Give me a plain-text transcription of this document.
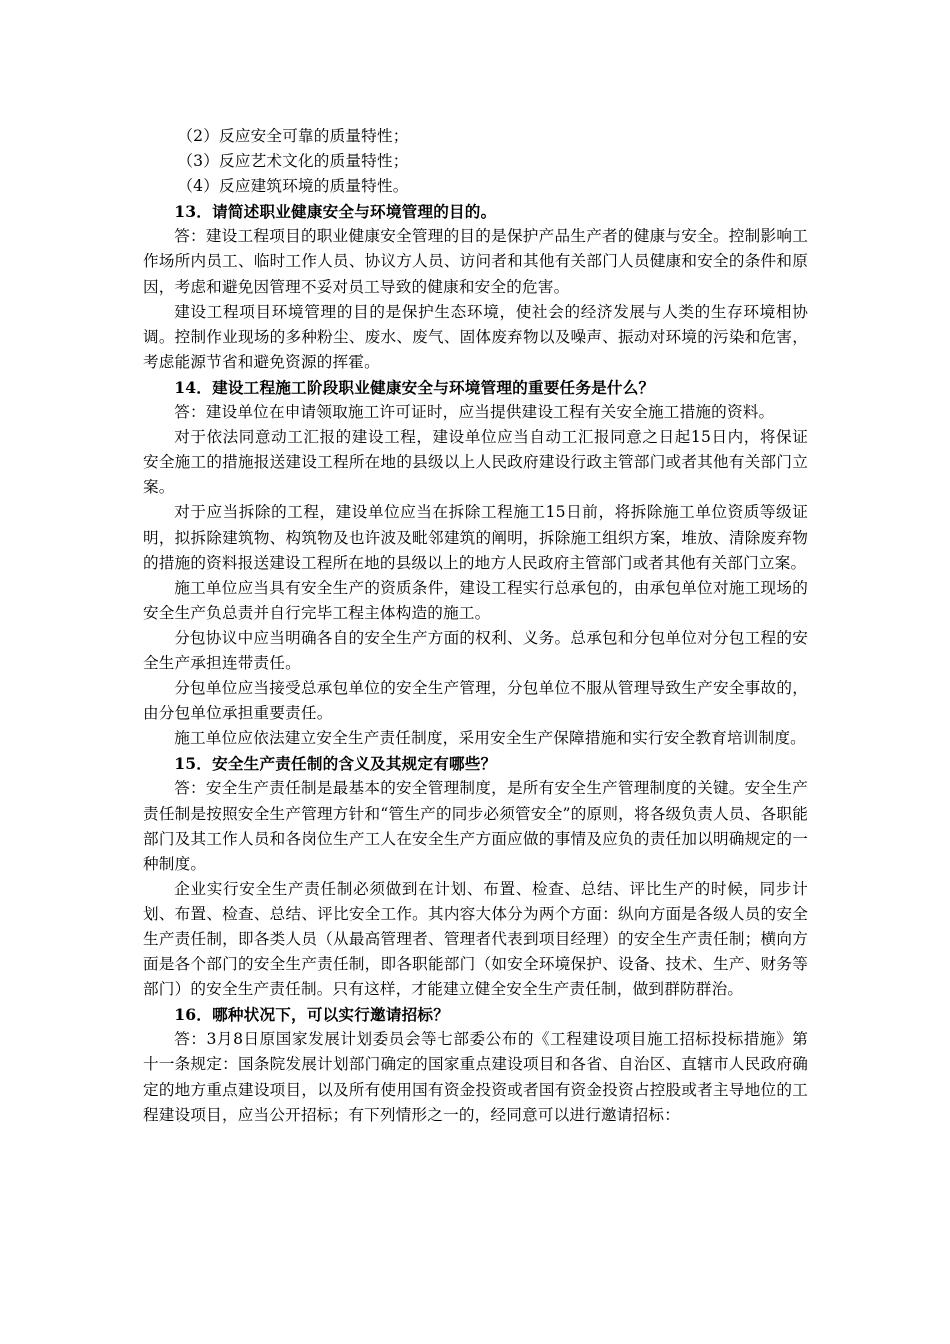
（2）反应安全可靠的质量特性；

（3）反应艺术文化的质量特性；

（4）反应建筑环境的质量特性。

13．请简述职业健康安全与环境管理的目的。

答：建设工程项目的职业健康安全管理的目的是保护产品生产者的健康与安全。控制影响工作场所内员工、临时工作人员、协议方人员、访问者和其他有关部门人员健康和安全的条件和原因，考虑和避免因管理不妥对员工导致的健康和安全的危害。

建设工程项目环境管理的目的是保护生态环境，使社会的经济发展与人类的生存环境相协调。控制作业现场的多种粉尘、废水、废气、固体废弃物以及噪声、振动对环境的污染和危害，考虑能源节省和避免资源的挥霍。

14．建设工程施工阶段职业健康安全与环境管理的重要任务是什么？

答：建设单位在申请领取施工许可证时，应当提供建设工程有关安全施工措施的资料。

对于依法同意动工汇报的建设工程，建设单位应当自动工汇报同意之日起15日内，将保证安全施工的措施报送建设工程所在地的县级以上人民政府建设行政主管部门或者其他有关部门立案。

对于应当拆除的工程，建设单位应当在拆除工程施工15日前，将拆除施工单位资质等级证明，拟拆除建筑物、构筑物及也许波及毗邻建筑的阐明，拆除施工组织方案，堆放、清除废弃物的措施的资料报送建设工程所在地的县级以上的地方人民政府主管部门或者其他有关部门立案。

施工单位应当具有安全生产的资质条件，建设工程实行总承包的，由承包单位对施工现场的安全生产负总责并自行完毕工程主体构造的施工。

分包协议中应当明确各自的安全生产方面的权利、义务。总承包和分包单位对分包工程的安全生产承担连带责任。

分包单位应当接受总承包单位的安全生产管理，分包单位不服从管理导致生产安全事故的，由分包单位承担重要责任。

施工单位应依法建立安全生产责任制度，采用安全生产保障措施和实行安全教育培训制度。

15．安全生产责任制的含义及其规定有哪些？

答：安全生产责任制是最基本的安全管理制度，是所有安全生产管理制度的关键。安全生产责任制是按照安全生产管理方针和“管生产的同步必须管安全”的原则，将各级负责人员、各职能部门及其工作人员和各岗位生产工人在安全生产方面应做的事情及应负的责任加以明确规定的一种制度。

企业实行安全生产责任制必须做到在计划、布置、检查、总结、评比生产的时候，同步计划、布置、检查、总结、评比安全工作。其内容大体分为两个方面：纵向方面是各级人员的安全生产责任制，即各类人员（从最高管理者、管理者代表到项目经理）的安全生产责任制；横向方面是各个部门的安全生产责任制，即各职能部门（如安全环境保护、设备、技术、生产、财务等部门）的安全生产责任制。只有这样，才能建立健全安全生产责任制，做到群防群治。

16．哪种状况下，可以实行邀请招标？

答：3月8日原国家发展计划委员会等七部委公布的《工程建设项目施工招标投标措施》第十一条规定：国条院发展计划部门确定的国家重点建设项目和各省、自治区、直辖市人民政府确定的地方重点建设项目，以及所有使用国有资金投资或者国有资金投资占控股或者主导地位的工程建设项目，应当公开招标；有下列情形之一的，经同意可以进行邀请招标：
